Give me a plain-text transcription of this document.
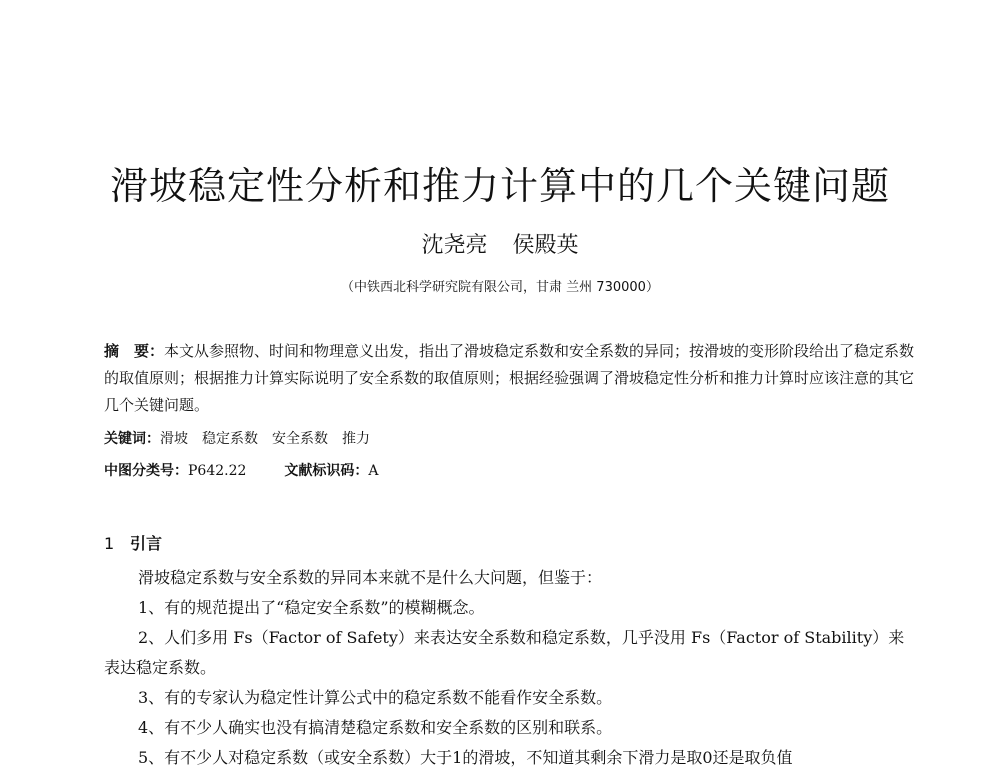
滑坡稳定性分析和推力计算中的几个关键问题
沈尧亮 侯殿英
（中铁西北科学研究院有限公司，甘肃 兰州 730000）
摘　要：本文从参照物、时间和物理意义出发，指出了滑坡稳定系数和安全系数的异同；按滑坡的变形阶段给出了稳定系数的取值原则；根据推力计算实际说明了安全系数的取值原则；根据经验强调了滑坡稳定性分析和推力计算时应该注意的其它几个关键问题。
关键词：滑坡　稳定系数　安全系数　推力
中图分类号：P642.22	文献标识码：A
1 引言

滑坡稳定系数与安全系数的异同本来就不是什么大问题，但鉴于：

1、有的规范提出了“稳定安全系数”的模糊概念。

2、人们多用 Fs（Factor of Safety）来表达安全系数和稳定系数，几乎没用 Fs（Factor of Stability）来表达稳定系数。

3、有的专家认为稳定性计算公式中的稳定系数不能看作安全系数。

4、有不少人确实也没有搞清楚稳定系数和安全系数的区别和联系。

5、有不少人对稳定系数（或安全系数）大于1的滑坡，不知道其剩余下滑力是取0还是取负值
